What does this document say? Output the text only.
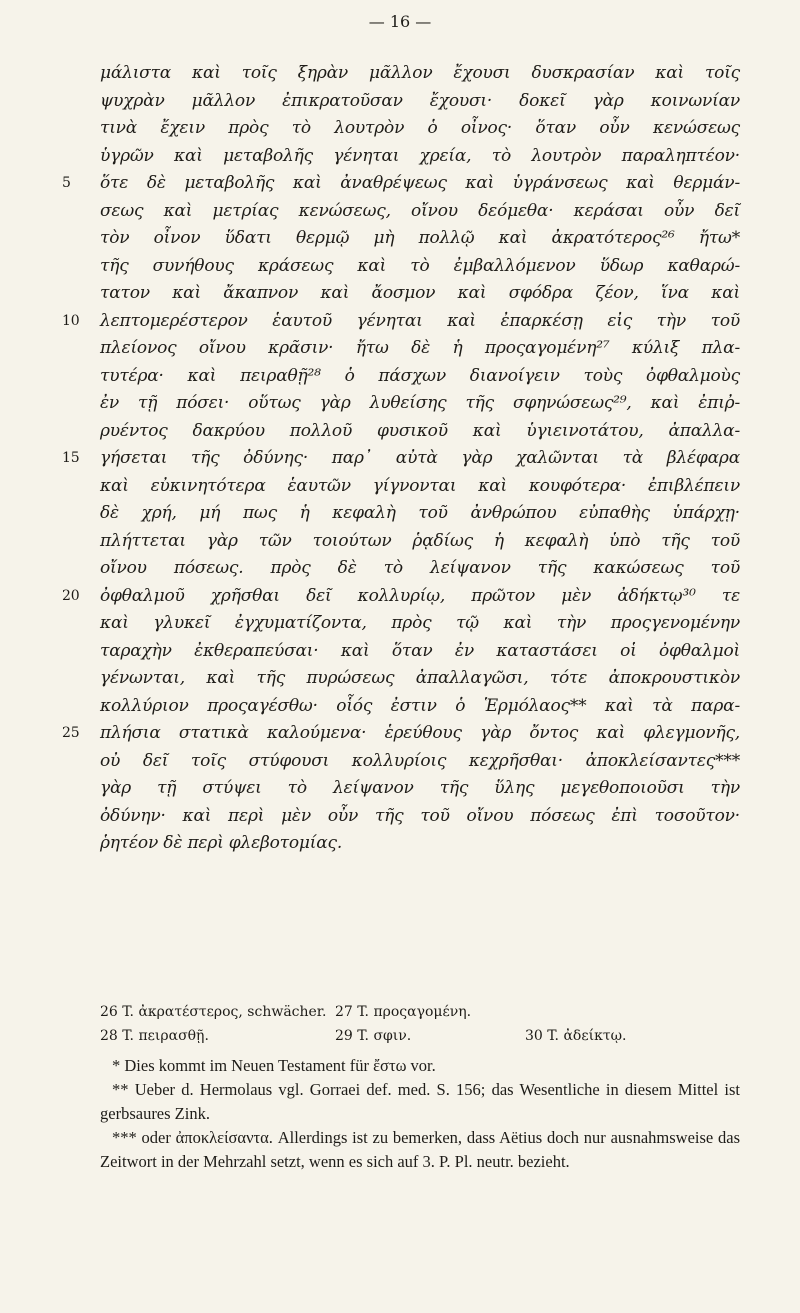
— 16 —
μάλιστα καὶ τοῖς ξηρὰν μᾶλλον ἔχουσι δυσκρασίαν καὶ τοῖς
ψυχρὰν μᾶλλον ἐπικρατοῦσαν ἔχουσι· δοκεῖ γὰρ κοινωνίαν
τινὰ ἔχειν πρὸς τὸ λουτρὸν ὁ οἶνος· ὅταν οὖν κενώσεως
ὑγρῶν καὶ μεταβολῆς γένηται χρεία, τὸ λουτρὸν παραληπτέον·
5 ὅτε δὲ μεταβολῆς καὶ ἀναθρέψεως καὶ ὑγράνσεως καὶ θερμάν-
σεως καὶ μετρίας κενώσεως, οἴνου δεόμεθα· κεράσαι οὖν δεῖ
τὸν οἶνον ὕδατι θερμῷ μὴ πολλῷ καὶ ἀκρατότερος²⁶ ἤτω*
τῆς συνήθους κράσεως καὶ τὸ ἐμβαλλόμενον ὕδωρ καθαρώ-
τατον καὶ ἄκαπνον καὶ ἄοσμον καὶ σφόδρα ζέον, ἵνα καὶ
10 λεπτομερέστερον ἑαυτοῦ γένηται καὶ ἐπαρκέσῃ εἰς τὴν τοῦ
πλείονος οἴνου κρᾶσιν· ἤτω δὲ ἡ προςαγομένη²⁷ κύλιξ πλα-
τυτέρα· καὶ πειραθῇ²⁸ ὁ πάσχων διανοίγειν τοὺς ὀφθαλμοὺς
ἐν τῇ πόσει· οὕτως γὰρ λυθείσης τῆς σφηνώσεως²⁹, καὶ ἐπιῤ-
ρυέντος δακρύου πολλοῦ φυσικοῦ καὶ ὑγιεινοτάτου, ἀπαλλα-
15 γήσεται τῆς ὀδύνης· παρ᾽ αὐτὰ γὰρ χαλῶνται τὰ βλέφαρα
καὶ εὐκινητότερα ἑαυτῶν γίγνονται καὶ κουφότερα· ἐπιβλέπειν
δὲ χρή, μή πως ἡ κεφαλὴ τοῦ ἀνθρώπου εὐπαθὴς ὑπάρχῃ·
πλήττεται γὰρ τῶν τοιούτων ῥᾳδίως ἡ κεφαλὴ ὑπὸ τῆς τοῦ
οἴνου πόσεως. πρὸς δὲ τὸ λείψανον τῆς κακώσεως τοῦ
20 ὀφθαλμοῦ χρῆσθαι δεῖ κολλυρίῳ, πρῶτον μὲν ἀδήκτῳ³⁰ τε
καὶ γλυκεῖ ἐγχυματίζοντα, πρὸς τῷ καὶ τὴν προςγενομένην
ταραχὴν ἐκθεραπεύσαι· καὶ ὅταν ἐν καταστάσει οἱ ὀφθαλμοὶ
γένωνται, καὶ τῆς πυρώσεως ἀπαλλαγῶσι, τότε ἀποκρουστικὸν
κολλύριον προςαγέσθω· οἷός ἐστιν ὁ Ἑρμόλαος** καὶ τὰ παρα-
25 πλήσια στατικὰ καλούμενα· ἑρεύθους γὰρ ὄντος καὶ φλεγμονῆς,
οὐ δεῖ τοῖς στύφουσι κολλυρίοις κεχρῆσθαι· ἀποκλείσαντες***
γὰρ τῇ στύψει τὸ λείψανον τῆς ὕλης μεγεθοποιοῦσι τὴν
ὀδύνην· καὶ περὶ μὲν οὖν τῆς τοῦ οἴνου πόσεως ἐπὶ τοσοῦτον·
ῥητέον δὲ περὶ φλεβοτομίας.
26 T. ἀκρατέστερος, schwächer. 27 T. προςαγομένη.
28 T. πειρασθῇ.	29 T. σφιν.	30 T. ἀδείκτῳ.
* Dies kommt im Neuen Testament für ἔστω vor.
** Ueber d. Hermolaus vgl. Gorraei def. med. S. 156; das Wesentliche in diesem Mittel ist gerbsaures Zink.
*** oder ἀποκλείσαντα. Allerdings ist zu bemerken, dass Aëtius doch nur ausnahmsweise das Zeitwort in der Mehrzahl setzt, wenn es sich auf 3. P. Pl. neutr. bezieht.
